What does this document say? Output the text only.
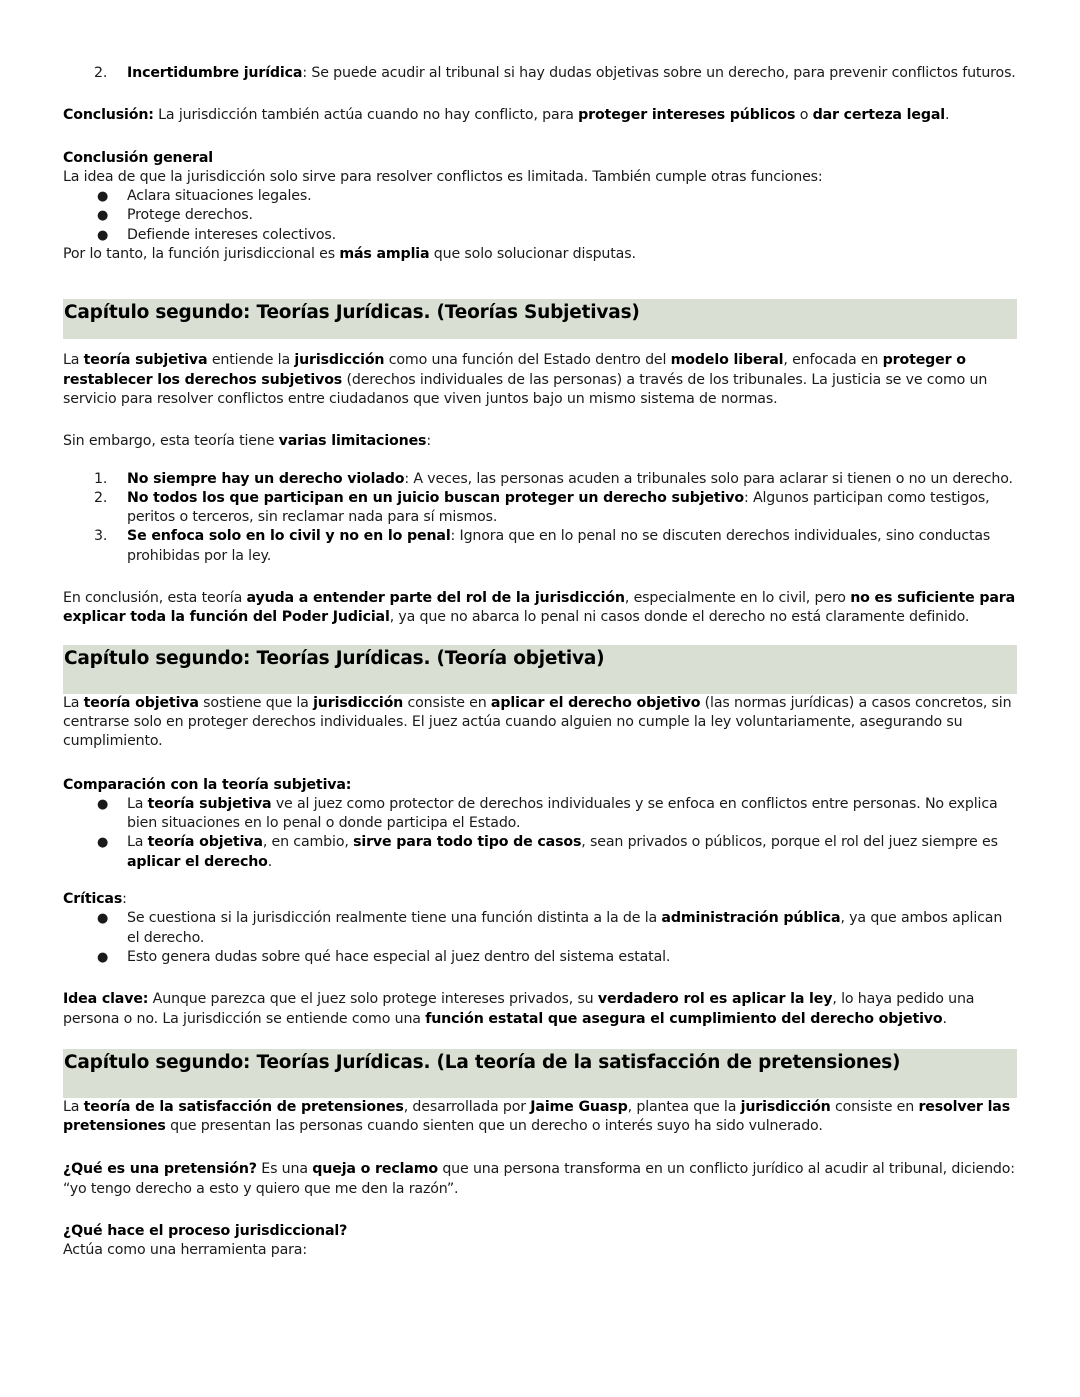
2. Incertidumbre jurídica: Se puede acudir al tribunal si hay dudas objetivas sobre un derecho, para prevenir conflictos futuros.

Conclusión: La jurisdicción también actúa cuando no hay conflicto, para proteger intereses públicos o dar certeza legal.

Conclusión general

La idea de que la jurisdicción solo sirve para resolver conflictos es limitada. También cumple otras funciones:

● Aclara situaciones legales.
● Protege derechos.
● Defiende intereses colectivos.

Por lo tanto, la función jurisdiccional es más amplia que solo solucionar disputas.

Capítulo segundo: Teorías Jurídicas. (Teorías Subjetivas)

La teoría subjetiva entiende la jurisdicción como una función del Estado dentro del modelo liberal, enfocada en proteger o restablecer los derechos subjetivos (derechos individuales de las personas) a través de los tribunales. La justicia se ve como un servicio para resolver conflictos entre ciudadanos que viven juntos bajo un mismo sistema de normas.

Sin embargo, esta teoría tiene varias limitaciones:

1. No siempre hay un derecho violado: A veces, las personas acuden a tribunales solo para aclarar si tienen o no un derecho.
2. No todos los que participan en un juicio buscan proteger un derecho subjetivo: Algunos participan como testigos, peritos o terceros, sin reclamar nada para sí mismos.
3. Se enfoca solo en lo civil y no en lo penal: Ignora que en lo penal no se discuten derechos individuales, sino conductas prohibidas por la ley.

En conclusión, esta teoría ayuda a entender parte del rol de la jurisdicción, especialmente en lo civil, pero no es suficiente para explicar toda la función del Poder Judicial, ya que no abarca lo penal ni casos donde el derecho no está claramente definido.

Capítulo segundo: Teorías Jurídicas. (Teoría objetiva)

La teoría objetiva sostiene que la jurisdicción consiste en aplicar el derecho objetivo (las normas jurídicas) a casos concretos, sin centrarse solo en proteger derechos individuales. El juez actúa cuando alguien no cumple la ley voluntariamente, asegurando su cumplimiento.

Comparación con la teoría subjetiva:

● La teoría subjetiva ve al juez como protector de derechos individuales y se enfoca en conflictos entre personas. No explica bien situaciones en lo penal o donde participa el Estado.
● La teoría objetiva, en cambio, sirve para todo tipo de casos, sean privados o públicos, porque el rol del juez siempre es aplicar el derecho.

Críticas:

● Se cuestiona si la jurisdicción realmente tiene una función distinta a la de la administración pública, ya que ambos aplican el derecho.
● Esto genera dudas sobre qué hace especial al juez dentro del sistema estatal.

Idea clave: Aunque parezca que el juez solo protege intereses privados, su verdadero rol es aplicar la ley, lo haya pedido una persona o no. La jurisdicción se entiende como una función estatal que asegura el cumplimiento del derecho objetivo.

Capítulo segundo: Teorías Jurídicas. (La teoría de la satisfacción de pretensiones)

La teoría de la satisfacción de pretensiones, desarrollada por Jaime Guasp, plantea que la jurisdicción consiste en resolver las pretensiones que presentan las personas cuando sienten que un derecho o interés suyo ha sido vulnerado.

¿Qué es una pretensión? Es una queja o reclamo que una persona transforma en un conflicto jurídico al acudir al tribunal, diciendo: “yo tengo derecho a esto y quiero que me den la razón”.

¿Qué hace el proceso jurisdiccional?

Actúa como una herramienta para:
